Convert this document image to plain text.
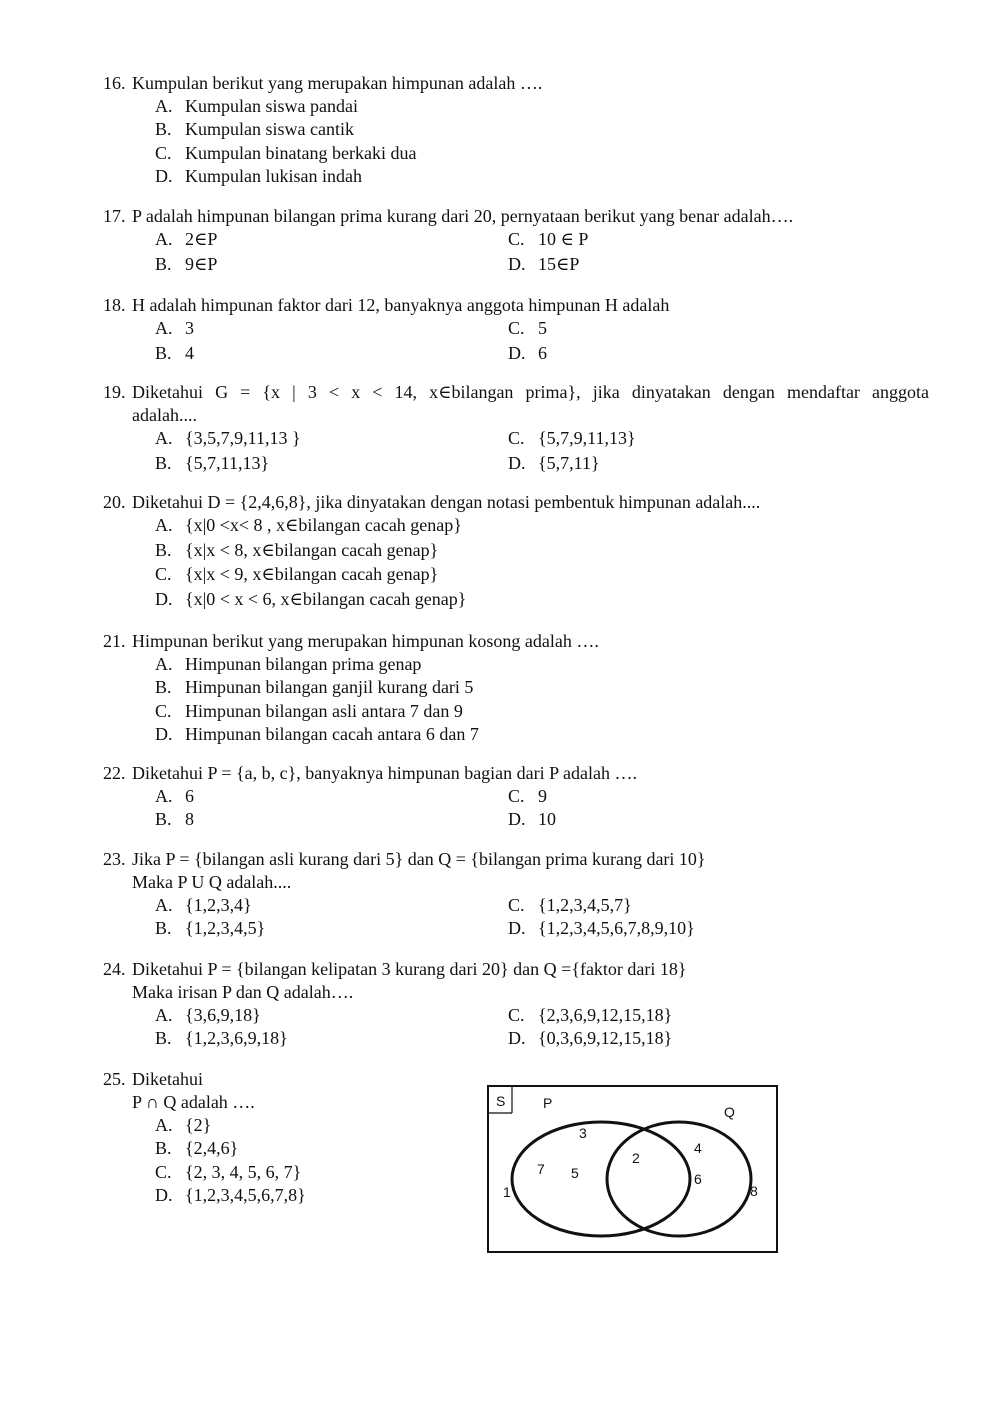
16. Kumpulan berikut yang merupakan himpunan adalah ….
A. Kumpulan siswa pandai
B. Kumpulan siswa cantik
C. Kumpulan binatang berkaki dua
D. Kumpulan lukisan indah
17. P adalah himpunan bilangan prima kurang dari 20, pernyataan berikut yang benar adalah….
A. 2∈P	C. 10 ∈ P
B. 9∈P	D. 15∈P
18. H adalah himpunan faktor dari 12, banyaknya anggota himpunan H adalah
A. 3	C. 5
B. 4	D. 6
19. Diketahui G = {x | 3 < x < 14, x∈bilangan prima}, jika dinyatakan dengan mendaftar anggota
adalah....
A. {3,5,7,9,11,13 }	C. {5,7,9,11,13}
B. {5,7,11,13}	D. {5,7,11}
20. Diketahui D = {2,4,6,8}, jika dinyatakan dengan notasi pembentuk himpunan adalah....
A. {x|0 <x< 8 , x∈bilangan cacah genap}
B. {x|x < 8, x∈bilangan cacah genap}
C. {x|x < 9, x∈bilangan cacah genap}
D. {x|0 < x < 6, x∈bilangan cacah genap}
21. Himpunan berikut yang merupakan himpunan kosong adalah ….
A. Himpunan bilangan prima genap
B. Himpunan bilangan ganjil kurang dari 5
C. Himpunan bilangan asli antara 7 dan 9
D. Himpunan bilangan cacah antara 6 dan 7
22. Diketahui P = {a, b, c}, banyaknya himpunan bagian dari P adalah ….
A. 6	C. 9
B. 8	D. 10
23. Jika P = {bilangan asli kurang dari 5} dan Q = {bilangan prima kurang dari 10}
Maka P U Q adalah....
A. {1,2,3,4}	C. {1,2,3,4,5,7}
B. {1,2,3,4,5}	D. {1,2,3,4,5,6,7,8,9,10}
24. Diketahui P = {bilangan kelipatan 3 kurang dari 20} dan Q ={faktor dari 18}
Maka irisan P dan Q adalah….
A. {3,6,9,18}	C. {2,3,6,9,12,15,18}
B. {1,2,3,6,9,18}	D. {0,3,6,9,12,15,18}
25. Diketahui
P ∩ Q adalah ….
A. {2}
B. {2,4,6}
C. {2, 3, 4, 5, 6, 7}
D. {1,2,3,4,5,6,7,8}
S	P
Q
3
7 5
2
4
6
1	8
